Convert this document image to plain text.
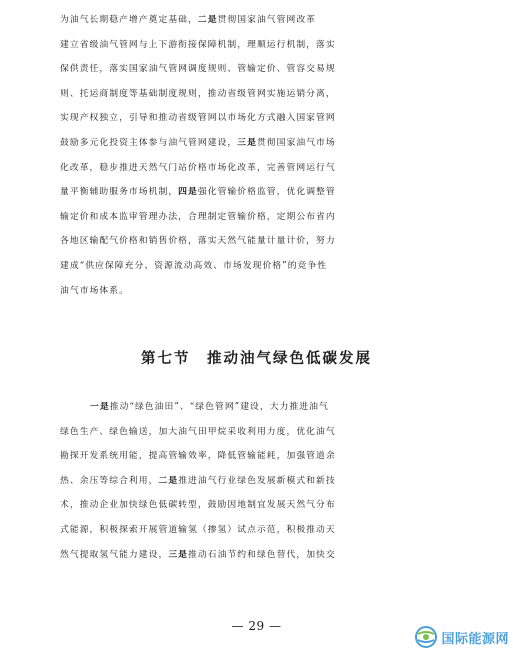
为油气长期稳产增产奠定基础，二是贯彻国家油气管网改革
建立省级油气管网与上下游衔接保障机制，理顺运行机制，落实
保供责任，落实国家油气管网调度规则、管输定价、管容交易规
则、托运商制度等基础制度规则，推动省级管网实施运销分离，
实现产权独立，引导和推动省级管网以市场化方式融入国家管网
鼓励多元化投资主体参与油气管网建设，三是贯彻国家油气市场
化改革，稳步推进天然气门站价格市场化改革，完善管网运行气
量平衡辅助服务市场机制，四是强化管输价格监管，优化调整管
输定价和成本监审管理办法，合理制定管输价格，定期公布省内
各地区输配气价格和销售价格，落实天然气能量计量计价，努力
建成“供应保障充分、资源流动高效、市场发现价格”的竞争性
油气市场体系。
第七节　推动油气绿色低碳发展
一是推动“绿色油田”、“绿色管网”建设，大力推进油气
绿色生产、绿色输送，加大油气田甲烷采收利用力度，优化油气
勘探开发系统用能，提高管输效率，降低管输能耗，加强管道余
热、余压等综合利用，二是推进油气行业绿色发展新模式和新技
术，推动企业加快绿色低碳转型，鼓励因地制宜发展天然气分布
式能源，积极探索开展管道输氢（掺氢）试点示范，积极推动天
然气提取氢气能力建设，三是推动石油节约和绿色替代，加快交
— 29 —
国际能源网
